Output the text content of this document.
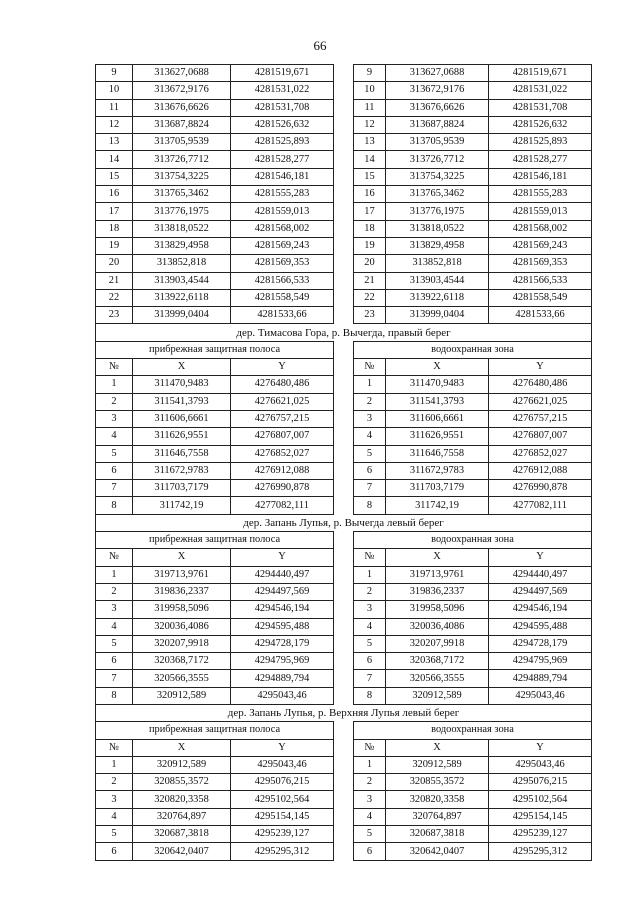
66
9	313627,0688	4281519,671		9	313627,0688	4281519,671
10	313672,9176	4281531,022		10	313672,9176	4281531,022
11	313676,6626	4281531,708		11	313676,6626	4281531,708
12	313687,8824	4281526,632		12	313687,8824	4281526,632
13	313705,9539	4281525,893		13	313705,9539	4281525,893
14	313726,7712	4281528,277		14	313726,7712	4281528,277
15	313754,3225	4281546,181		15	313754,3225	4281546,181
16	313765,3462	4281555,283		16	313765,3462	4281555,283
17	313776,1975	4281559,013		17	313776,1975	4281559,013
18	313818,0522	4281568,002		18	313818,0522	4281568,002
19	313829,4958	4281569,243		19	313829,4958	4281569,243
20	313852,818	4281569,353		20	313852,818	4281569,353
21	313903,4544	4281566,533		21	313903,4544	4281566,533
22	313922,6118	4281558,549		22	313922,6118	4281558,549
23	313999,0404	4281533,66		23	313999,0404	4281533,66
дер. Тимасова Гора, р. Вычегда, правый берег						
прибрежная защитная полоса				водоохранная зона		
№	X	Y		№	X	Y
1	311470,9483	4276480,486		1	311470,9483	4276480,486
2	311541,3793	4276621,025		2	311541,3793	4276621,025
3	311606,6661	4276757,215		3	311606,6661	4276757,215
4	311626,9551	4276807,007		4	311626,9551	4276807,007
5	311646,7558	4276852,027		5	311646,7558	4276852,027
6	311672,9783	4276912,088		6	311672,9783	4276912,088
7	311703,7179	4276990,878		7	311703,7179	4276990,878
8	311742,19	4277082,111		8	311742,19	4277082,111
дер. Запань Лупья, р. Вычегда левый берег						
прибрежная защитная полоса				водоохранная зона		
№	X	Y		№	X	Y
1	319713,9761	4294440,497		1	319713,9761	4294440,497
2	319836,2337	4294497,569		2	319836,2337	4294497,569
3	319958,5096	4294546,194		3	319958,5096	4294546,194
4	320036,4086	4294595,488		4	320036,4086	4294595,488
5	320207,9918	4294728,179		5	320207,9918	4294728,179
6	320368,7172	4294795,969		6	320368,7172	4294795,969
7	320566,3555	4294889,794		7	320566,3555	4294889,794
8	320912,589	4295043,46		8	320912,589	4295043,46
дер. Запань Лупья, р. Верхняя Лупья левый берег						
прибрежная защитная полоса				водоохранная зона		
№	X	Y		№	X	Y
1	320912,589	4295043,46		1	320912,589	4295043,46
2	320855,3572	4295076,215		2	320855,3572	4295076,215
3	320820,3358	4295102,564		3	320820,3358	4295102,564
4	320764,897	4295154,145		4	320764,897	4295154,145
5	320687,3818	4295239,127		5	320687,3818	4295239,127
6	320642,0407	4295295,312		6	320642,0407	4295295,312
